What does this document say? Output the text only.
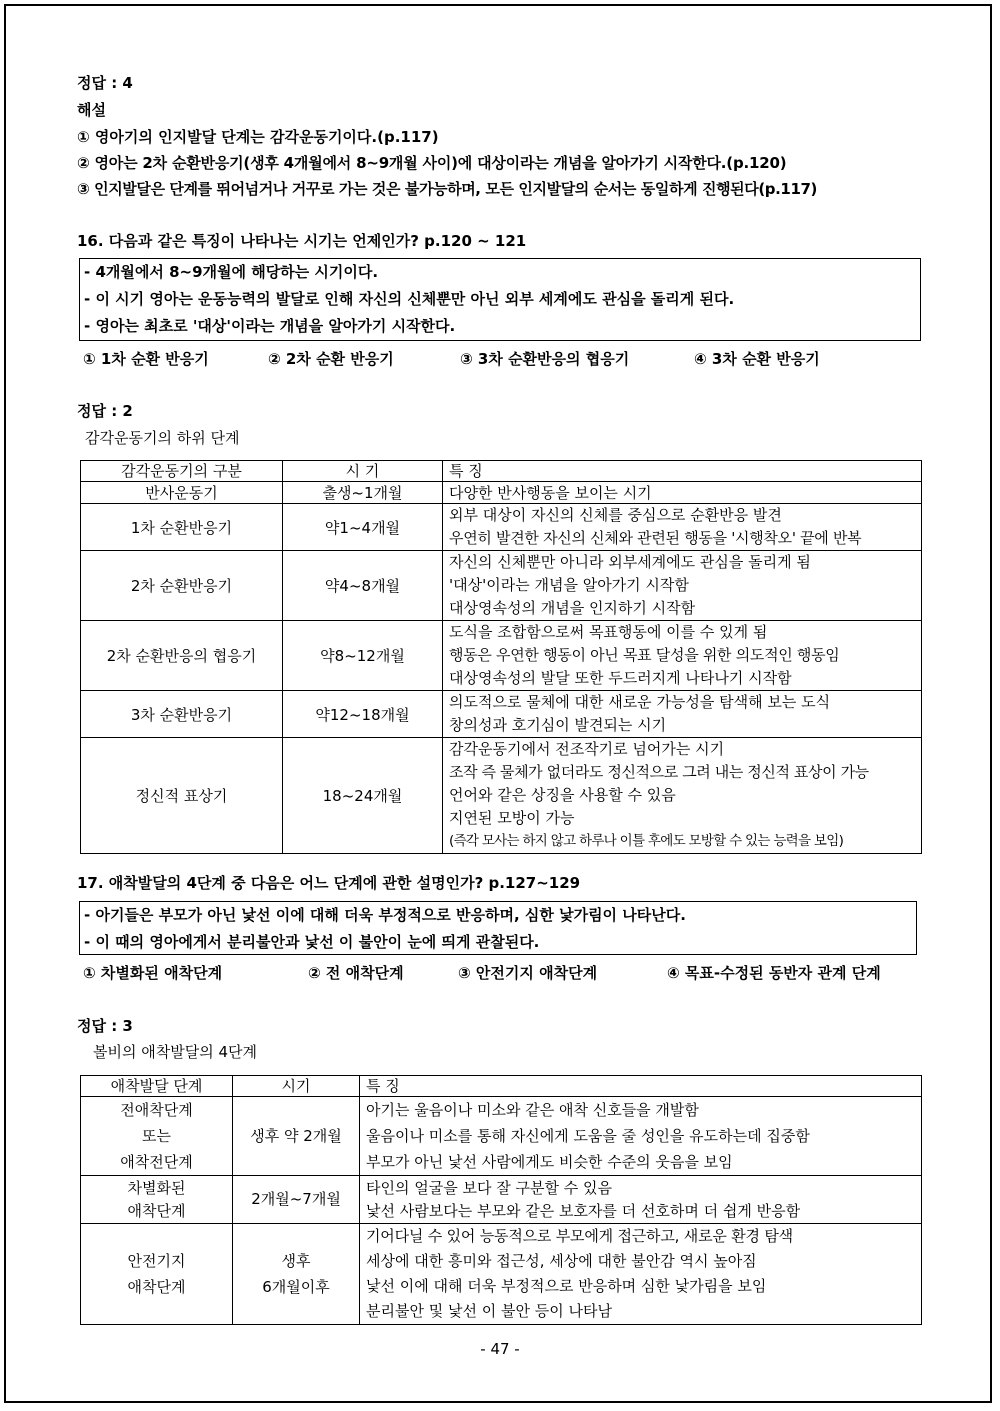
정답 : 4
해설
① 영아기의 인지발달 단계는 감각운동기이다.(p.117)
② 영아는 2차 순환반응기(생후 4개월에서 8~9개월 사이)에 대상이라는 개념을 알아가기 시작한다.(p.120)
③ 인지발달은 단계를 뛰어넘거나 거꾸로 가는 것은 불가능하며, 모든 인지발달의 순서는 동일하게 진행된다(p.117)
16. 다음과 같은 특징이 나타나는 시기는 언제인가? p.120 ~ 121
- 4개월에서 8~9개월에 해당하는 시기이다.
- 이 시기 영아는 운동능력의 발달로 인해 자신의 신체뿐만 아닌 외부 세계에도 관심을 돌리게 된다.
- 영아는 최초로 '대상'이라는 개념을 알아가기 시작한다.
① 1차 순환 반응기	② 2차 순환 반응기	③ 3차 순환반응의 협응기	④ 3차 순환 반응기
정답 : 2
감각운동기의 하위 단계
감각운동기의 구분	시 기	특 징
반사운동기	출생~1개월	다양한 반사행동을 보이는 시기

1차 순환반응기	약1~4개월	외부 대상이 자신의 신체를 중심으로 순환반응 발견
우연히 발견한 자신의 신체와 관련된 행동을 '시행착오' 끝에 반복

2차 순환반응기	약4~8개월	자신의 신체뿐만 아니라 외부세계에도 관심을 돌리게 됨
'대상'이라는 개념을 알아가기 시작함
대상영속성의 개념을 인지하기 시작함

2차 순환반응의 협응기	약8~12개월	도식을 조합함으로써 목표행동에 이를 수 있게 됨
행동은 우연한 행동이 아닌 목표 달성을 위한 의도적인 행동임
대상영속성의 발달 또한 두드러지게 나타나기 시작함

3차 순환반응기	약12~18개월	의도적으로 물체에 대한 새로운 가능성을 탐색해 보는 도식
창의성과 호기심이 발견되는 시기

정신적 표상기	18~24개월	감각운동기에서 전조작기로 넘어가는 시기
조작 즉 물체가 없더라도 정신적으로 그려 내는 정신적 표상이 가능
언어와 같은 상징을 사용할 수 있음
지연된 모방이 가능
(즉각 모사는 하지 않고 하루나 이틀 후에도 모방할 수 있는 능력을 보임)
17. 애착발달의 4단계 중 다음은 어느 단계에 관한 설명인가? p.127~129
- 아기들은 부모가 아닌 낯선 이에 대해 더욱 부정적으로 반응하며, 심한 낯가림이 나타난다.
- 이 때의 영아에게서 분리불안과 낯선 이 불안이 눈에 띄게 관찰된다.
① 차별화된 애착단계	② 전 애착단계	③ 안전기지 애착단계	④ 목표-수정된 동반자 관계 단계
정답 : 3
볼비의 애착발달의 4단계
애착발달 단계	시기	특 징

전애착단계
또는
애착전단계	생후 약 2개월	아기는 울음이나 미소와 같은 애착 신호들을 개발함
울음이나 미소를 통해 자신에게 도움을 줄 성인을 유도하는데 집중함
부모가 아닌 낯선 사람에게도 비슷한 수준의 웃음을 보임

차별화된
애착단계	2개월~7개월	타인의 얼굴을 보다 잘 구분할 수 있음
낯선 사람보다는 부모와 같은 보호자를 더 선호하며 더 쉽게 반응함

안전기지
애착단계	생후
6개월이후	기어다닐 수 있어 능동적으로 부모에게 접근하고, 새로운 환경 탐색
세상에 대한 흥미와 접근성, 세상에 대한 불안감 역시 높아짐
낯선 이에 대해 더욱 부정적으로 반응하며 심한 낯가림을 보임
분리불안 및 낯선 이 불안 등이 나타남
- 47 -
